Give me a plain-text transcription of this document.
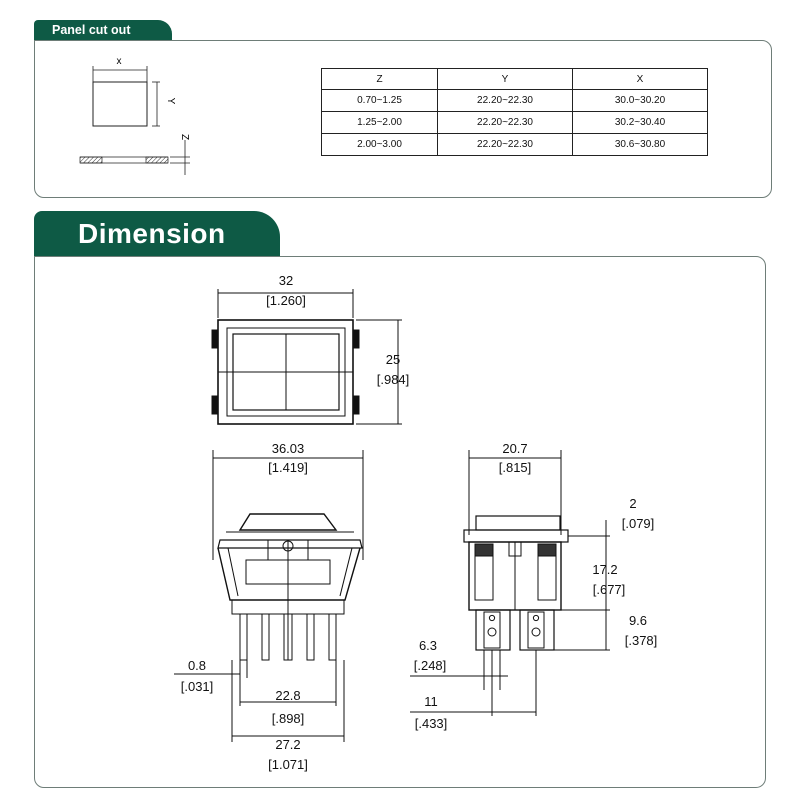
Panel cut out
x
Y
Z
Z	Y	X
0.70~1.25	22.20~22.30	30.0~30.20
1.25~2.00	22.20~22.30	30.2~30.40
2.00~3.00	22.20~22.30	30.6~30.80
Dimension
32
[1.260]
25
[.984]
36.03
[1.419]
0.8
[.031]
22.8
[.898]
27.2
[1.071]
20.7
[.815]
2
[.079]
17.2
[.677]
9.6
[.378]
6.3
[.248]
11
[.433]
